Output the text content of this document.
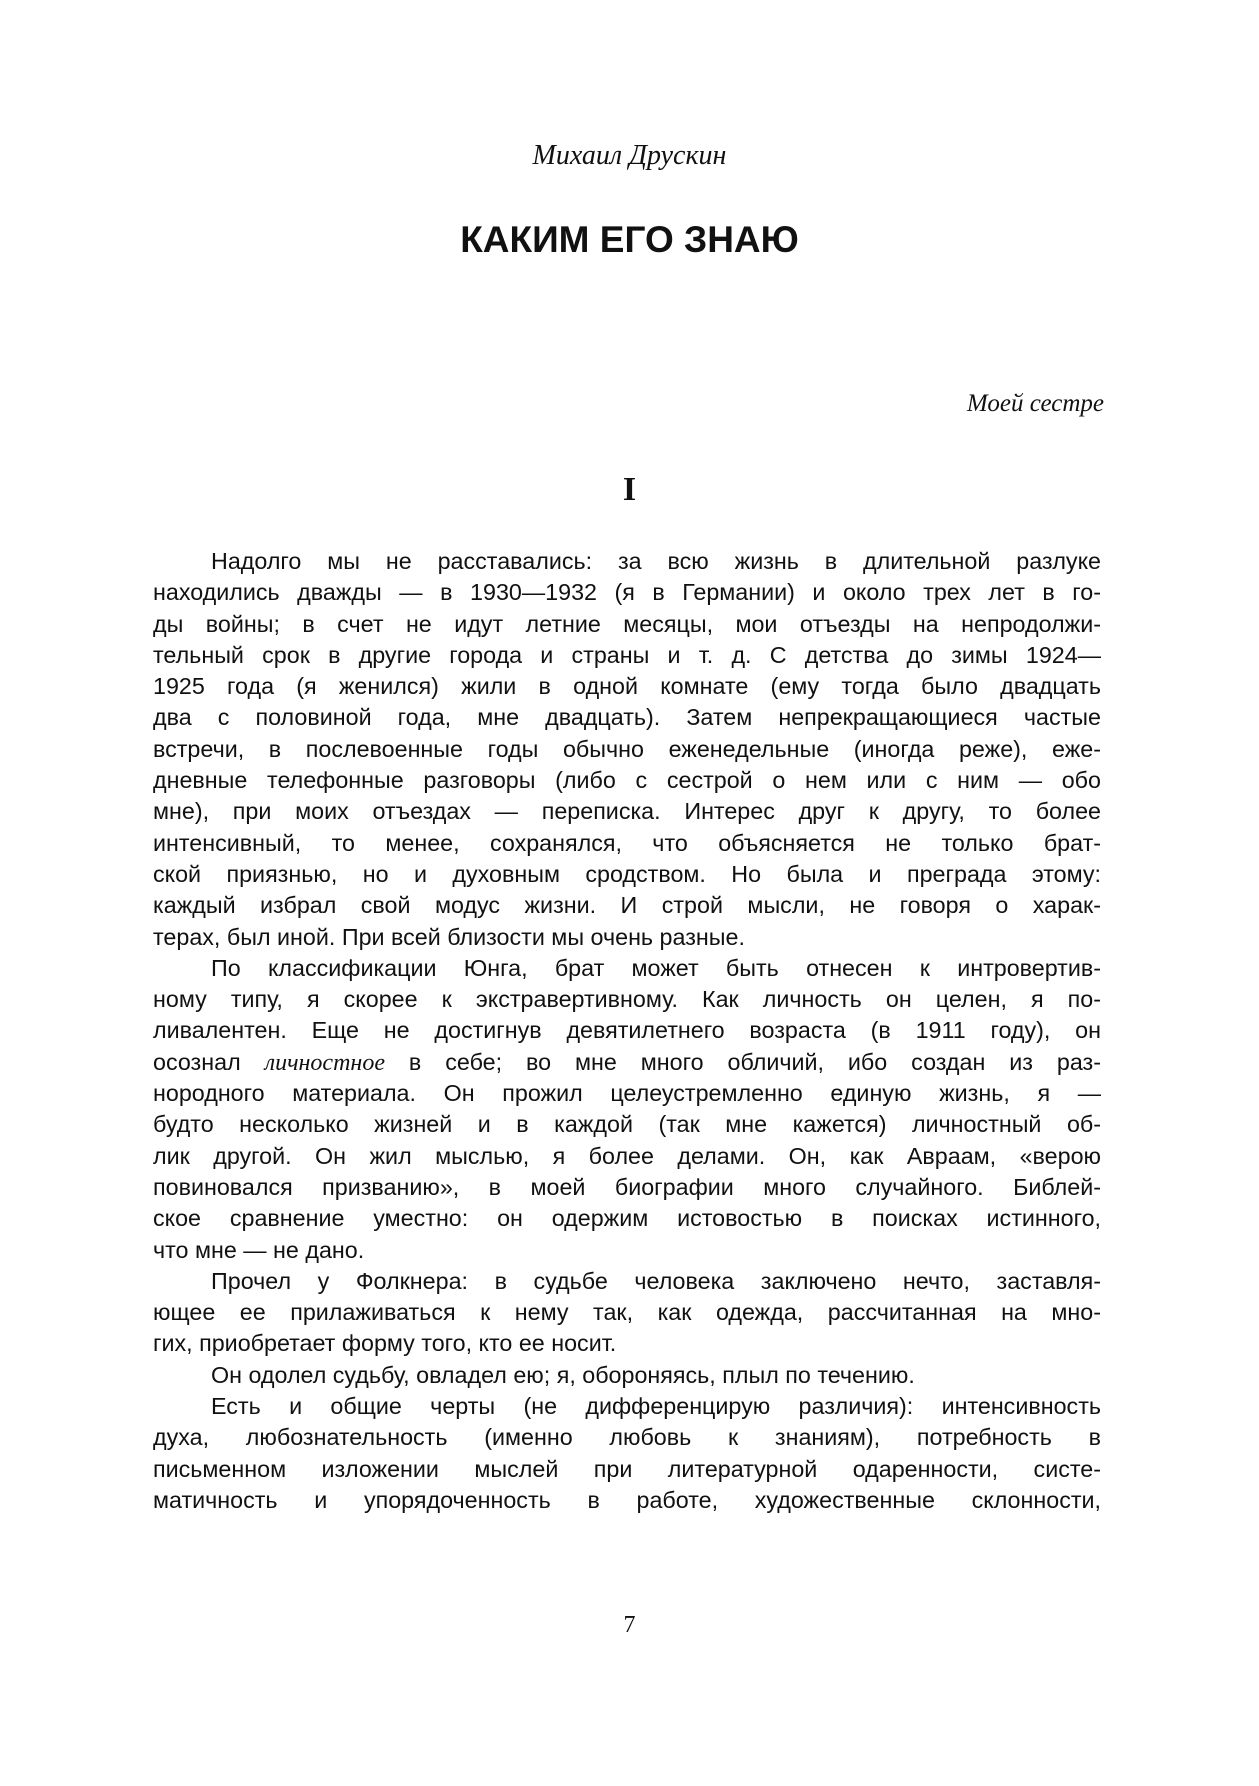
Михаил Друскин
КАКИМ ЕГО ЗНАЮ
Моей сестре
I
Надолго мы не расставались: за всю жизнь в длительной разлуке
находились дважды — в 1930—1932 (я в Германии) и около трех лет в го-
ды войны; в счет не идут летние месяцы, мои отъезды на непродолжи-
тельный срок в другие города и страны и т. д. С детства до зимы 1924—
1925 года (я женился) жили в одной комнате (ему тогда было двадцать
два с половиной года, мне двадцать). Затем непрекращающиеся частые
встречи, в послевоенные годы обычно еженедельные (иногда реже), еже-
дневные телефонные разговоры (либо с сестрой о нем или с ним — обо
мне), при моих отъездах — переписка. Интерес друг к другу, то более
интенсивный, то менее, сохранялся, что объясняется не только брат-
ской приязнью, но и духовным сродством. Но была и преграда этому:
каждый избрал свой модус жизни. И строй мысли, не говоря о харак-
терах, был иной. При всей близости мы очень разные.
По классификации Юнга, брат может быть отнесен к интровертив-
ному типу, я скорее к экстравертивному. Как личность он целен, я по-
ливалентен. Еще не достигнув девятилетнего возраста (в 1911 году), он
осознал личностное в себе; во мне много обличий, ибо создан из раз-
нородного материала. Он прожил целеустремленно единую жизнь, я —
будто несколько жизней и в каждой (так мне кажется) личностный об-
лик другой. Он жил мыслью, я более делами. Он, как Авраам, «верою
повиновался призванию», в моей биографии много случайного. Библей-
ское сравнение уместно: он одержим истовостью в поисках истинного,
что мне — не дано.
Прочел у Фолкнера: в судьбе человека заключено нечто, заставля-
ющее ее прилаживаться к нему так, как одежда, рассчитанная на мно-
гих, приобретает форму того, кто ее носит.
Он одолел судьбу, овладел ею; я, обороняясь, плыл по течению.
Есть и общие черты (не дифференцирую различия): интенсивность
духа, любознательность (именно любовь к знаниям), потребность в
письменном изложении мыслей при литературной одаренности, систе-
матичность и упорядоченность в работе, художественные склонности,
7
